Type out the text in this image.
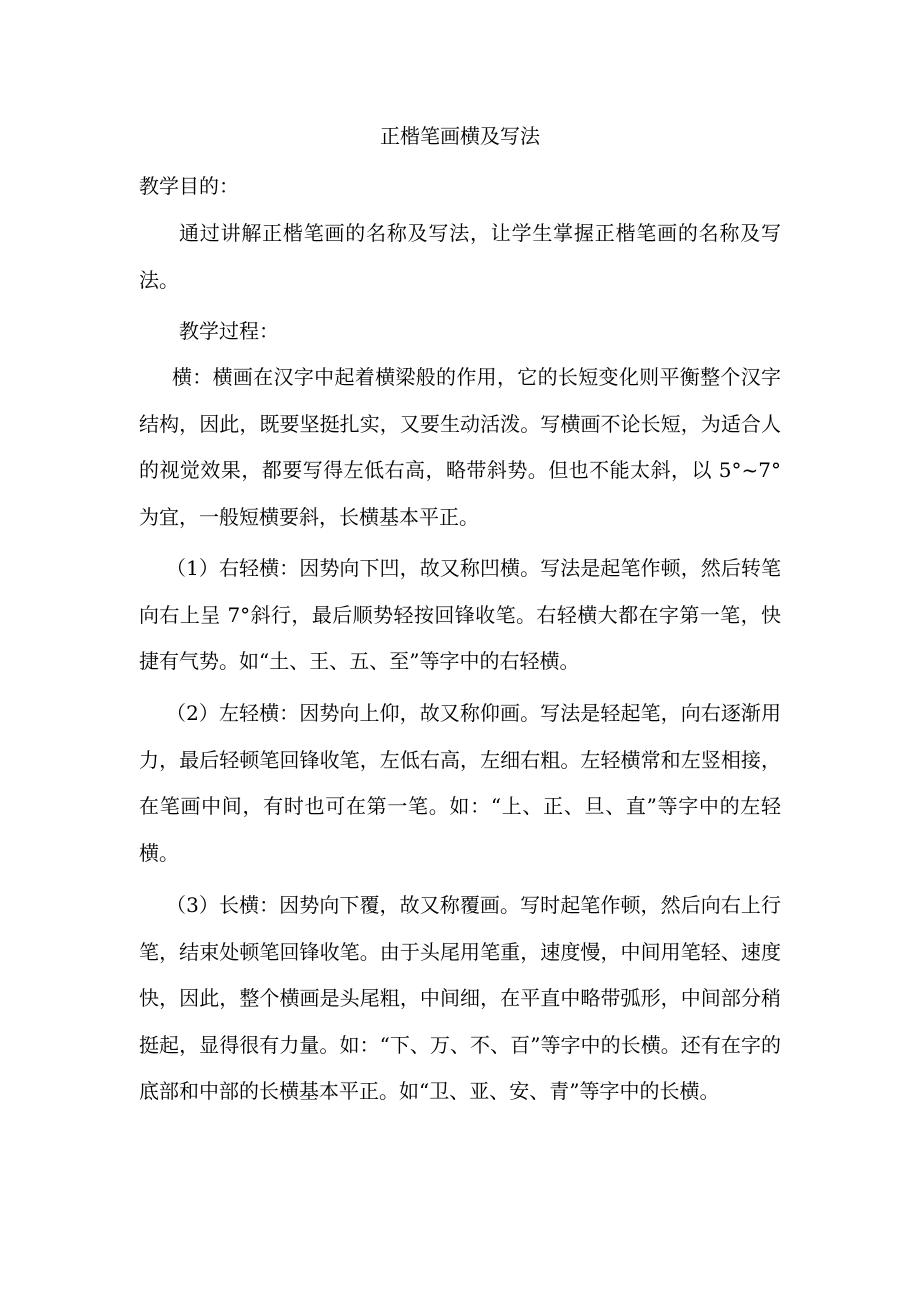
正楷笔画横及写法
教学目的：
通过讲解正楷笔画的名称及写法，让学生掌握正楷笔画的名称及写法。
教学过程：
横：横画在汉字中起着横梁般的作用，它的长短变化则平衡整个汉字结构，因此，既要坚挺扎实，又要生动活泼。写横画不论长短，为适合人的视觉效果，都要写得左低右高，略带斜势。但也不能太斜，以 5°~7°为宜，一般短横要斜，长横基本平正。
（1）右轻横：因势向下凹，故又称凹横。写法是起笔作顿，然后转笔向右上呈 7°斜行，最后顺势轻按回锋收笔。右轻横大都在字第一笔，快捷有气势。如“土、王、五、至”等字中的右轻横。
（2）左轻横：因势向上仰，故又称仰画。写法是轻起笔，向右逐渐用力，最后轻顿笔回锋收笔，左低右高，左细右粗。左轻横常和左竖相接，在笔画中间，有时也可在第一笔。如：“上、正、旦、直”等字中的左轻横。
（3）长横：因势向下覆，故又称覆画。写时起笔作顿，然后向右上行笔，结束处顿笔回锋收笔。由于头尾用笔重，速度慢，中间用笔轻、速度快，因此，整个横画是头尾粗，中间细，在平直中略带弧形，中间部分稍挺起，显得很有力量。如：“下、万、不、百”等字中的长横。还有在字的底部和中部的长横基本平正。如“卫、亚、安、青”等字中的长横。
